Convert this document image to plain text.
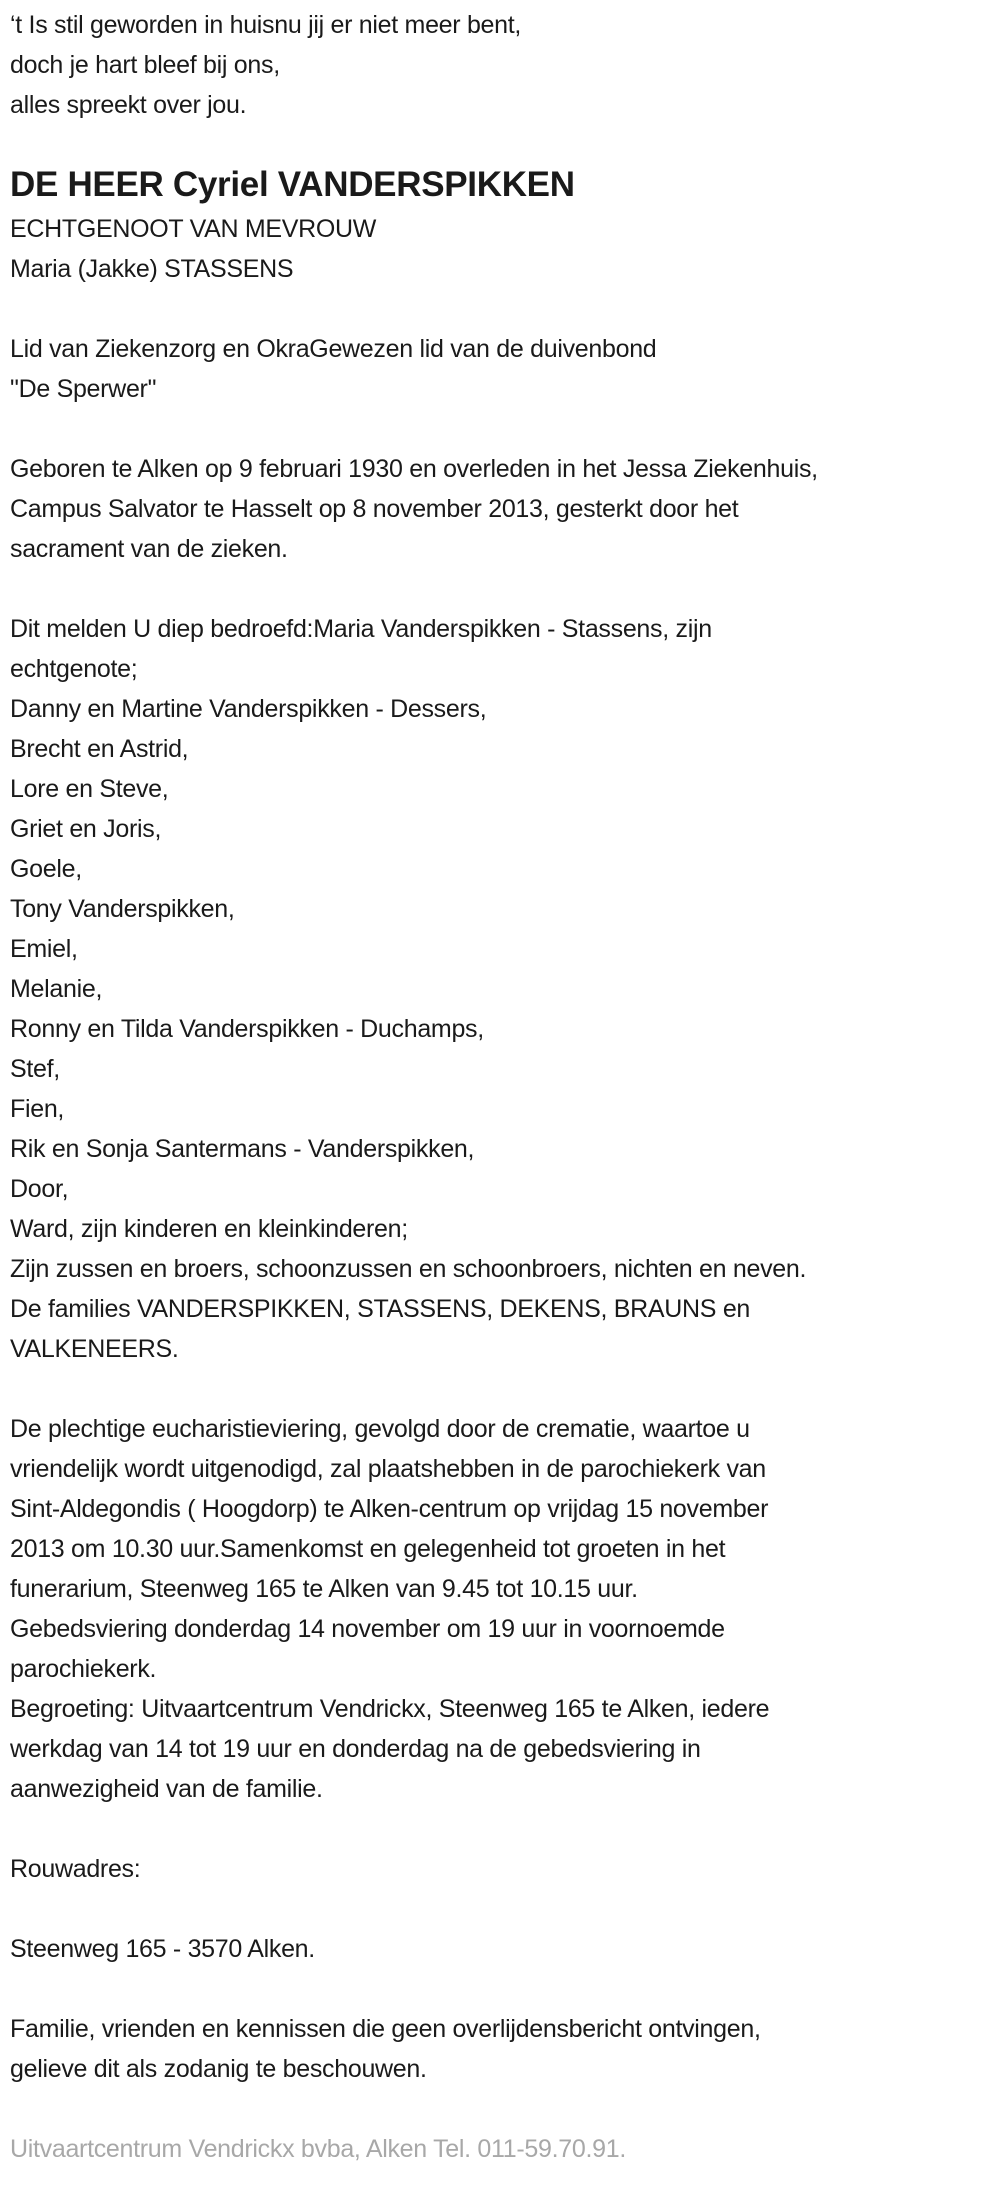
‘t Is stil geworden in huisnu jij er niet meer bent,
doch je hart bleef bij ons,
alles spreekt over jou.

DE HEER Cyriel VANDERSPIKKEN

ECHTGENOOT VAN MEVROUW
Maria (Jakke) STASSENS

Lid van Ziekenzorg en OkraGewezen lid van de duivenbond
"De Sperwer"

Geboren te Alken op 9 februari 1930 en overleden in het Jessa Ziekenhuis,
Campus Salvator te Hasselt op 8 november 2013, gesterkt door het
sacrament van de zieken.

Dit melden U diep bedroefd:Maria Vanderspikken - Stassens, zijn
echtgenote;
Danny en Martine Vanderspikken - Dessers,
Brecht en Astrid,
Lore en Steve,
Griet en Joris,
Goele,
Tony Vanderspikken,
Emiel,
Melanie,
Ronny en Tilda Vanderspikken - Duchamps,
Stef,
Fien,
Rik en Sonja Santermans - Vanderspikken,
Door,
Ward, zijn kinderen en kleinkinderen;
Zijn zussen en broers, schoonzussen en schoonbroers, nichten en neven.
De families VANDERSPIKKEN, STASSENS, DEKENS, BRAUNS en
VALKENEERS.

De plechtige eucharistieviering, gevolgd door de crematie, waartoe u
vriendelijk wordt uitgenodigd, zal plaatshebben in de parochiekerk van
Sint-Aldegondis ( Hoogdorp) te Alken-centrum op vrijdag 15 november
2013 om 10.30 uur.Samenkomst en gelegenheid tot groeten in het
funerarium, Steenweg 165 te Alken van 9.45 tot 10.15 uur.
Gebedsviering donderdag 14 november om 19 uur in voornoemde
parochiekerk.
Begroeting: Uitvaartcentrum Vendrickx, Steenweg 165 te Alken, iedere
werkdag van 14 tot 19 uur en donderdag na de gebedsviering in
aanwezigheid van de familie.

Rouwadres:

Steenweg 165 - 3570 Alken.

Familie, vrienden en kennissen die geen overlijdensbericht ontvingen,
gelieve dit als zodanig te beschouwen.

Uitvaartcentrum Vendrickx bvba, Alken Tel. 011-59.70.91.
